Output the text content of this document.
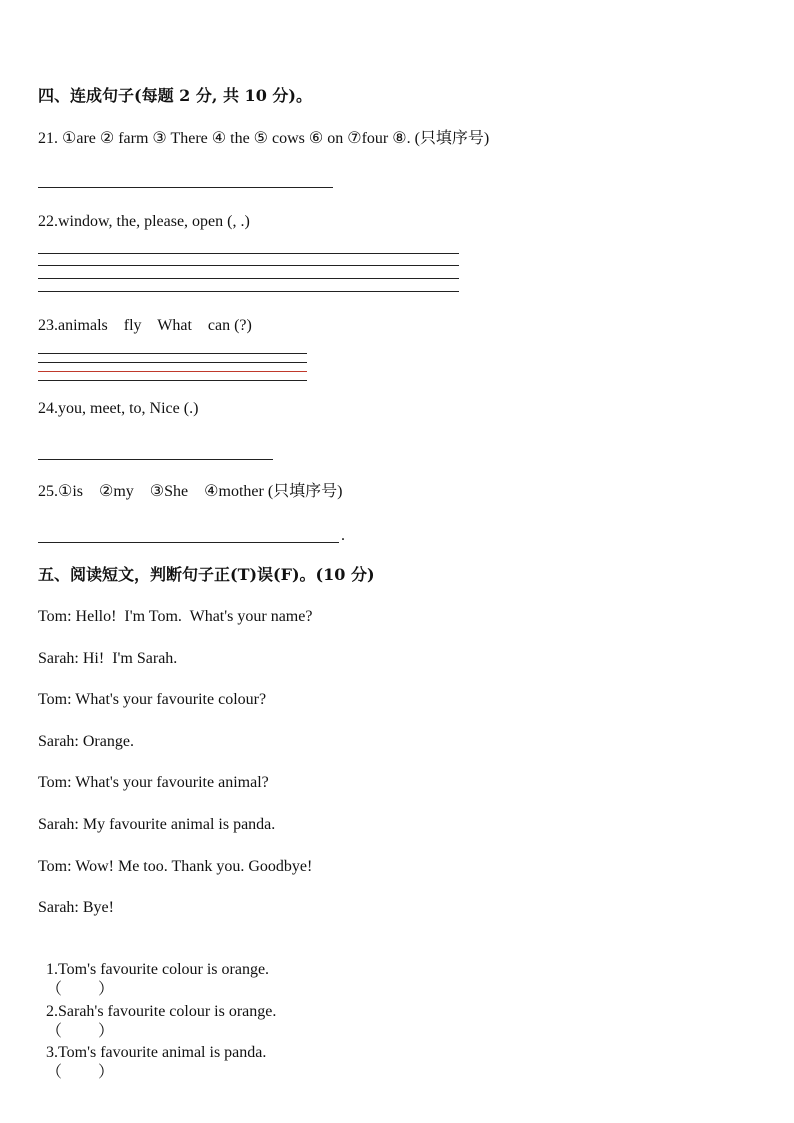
四、连成句子(每题 2 分, 共 10 分)。
21. ①are ② farm ③ There ④ the ⑤ cows ⑥ on ⑦four ⑧. (只填序号)
22.window, the, please, open (, .)
23.animals    fly    What    can (?)
24.you, meet, to, Nice (.)
25.①is    ②my    ③She    ④mother (只填序号)
.
五、阅读短文，判断句子正(T)误(F)。(10 分)
Tom: Hello!  I'm Tom.  What's your name?
Sarah: Hi!  I'm Sarah.
Tom: What's your favourite colour?
Sarah: Orange.
Tom: What's your favourite animal?
Sarah: My favourite animal is panda.
Tom: Wow! Me too. Thank you. Goodbye!
Sarah: Bye!

1.Tom's favourite colour is orange.
（ ）

2.Sarah's favourite colour is orange.
（ ）

3.Tom's favourite animal is panda.
（ ）
